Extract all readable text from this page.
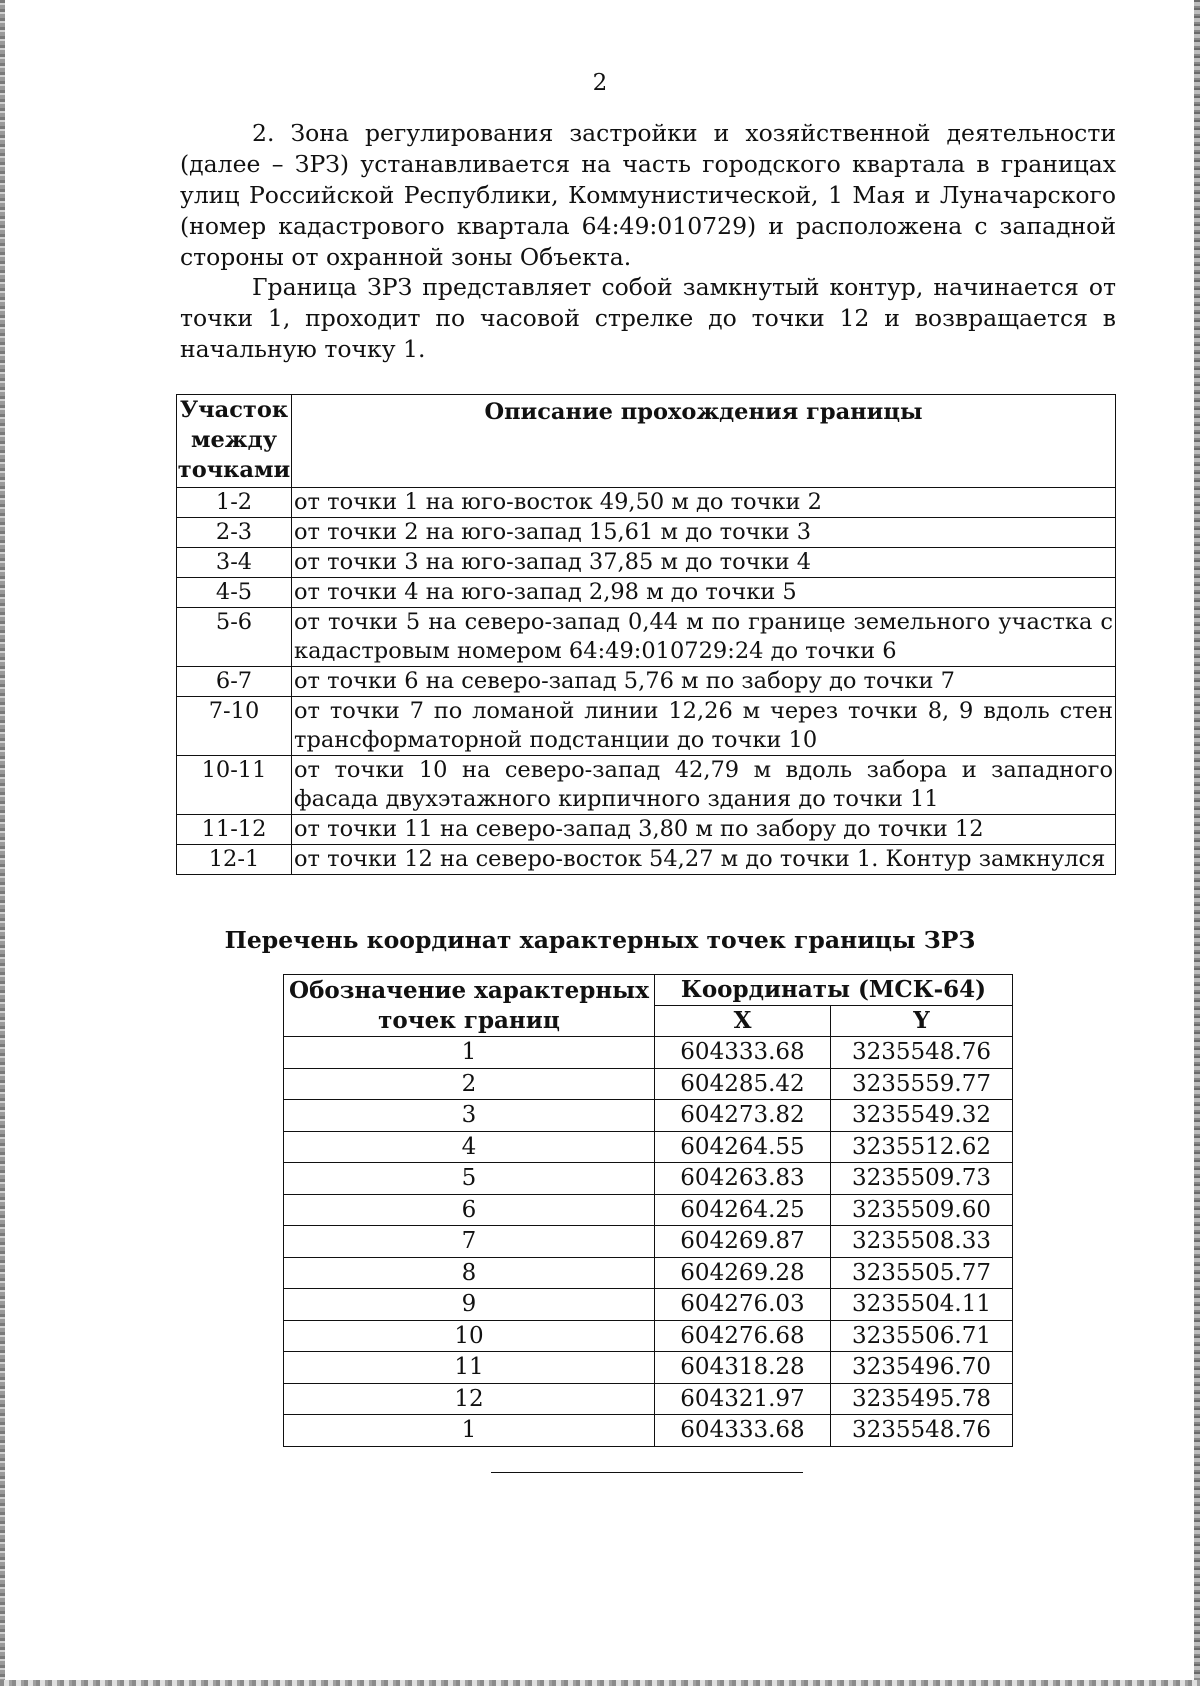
2

2. Зона регулирования застройки и хозяйственной деятельности (далее – ЗРЗ) устанавливается на часть городского квартала в границах улиц Российской Республики, Коммунистической, 1 Мая и Луначарского (номер кадастрового квартала 64:49:010729) и расположена с западной стороны от охранной зоны Объекта.

Граница ЗРЗ представляет собой замкнутый контур, начинается от точки 1, проходит по часовой стрелке до точки 12 и возвращается в начальную точку 1.

Участок между точками	Описание прохождения границы
1-2	от точки 1 на юго-восток 49,50 м до точки 2
2-3	от точки 2 на юго-запад 15,61 м до точки 3
3-4	от точки 3 на юго-запад 37,85 м до точки 4
4-5	от точки 4 на юго-запад 2,98 м до точки 5
5-6	от точки 5 на северо-запад 0,44 м по границе земельного участка с кадастровым номером 64:49:010729:24 до точки 6
6-7	от точки 6 на северо-запад 5,76 м по забору до точки 7
7-10	от точки 7 по ломаной линии 12,26 м через точки 8, 9 вдоль стен трансформаторной подстанции до точки 10
10-11	от точки 10 на северо-запад 42,79 м вдоль забора и западного фасада двухэтажного кирпичного здания до точки 11
11-12	от точки 11 на северо-запад 3,80 м по забору до точки 12
12-1	от точки 12 на северо-восток 54,27 м до точки 1. Контур замкнулся
Перечень координат характерных точек границы ЗРЗ
Обозначение характерных точек границ	Координаты (МСК-64)	
	X	Y
1	604333.68	3235548.76
2	604285.42	3235559.77
3	604273.82	3235549.32
4	604264.55	3235512.62
5	604263.83	3235509.73
6	604264.25	3235509.60
7	604269.87	3235508.33
8	604269.28	3235505.77
9	604276.03	3235504.11
10	604276.68	3235506.71
11	604318.28	3235496.70
12	604321.97	3235495.78
1	604333.68	3235548.76
